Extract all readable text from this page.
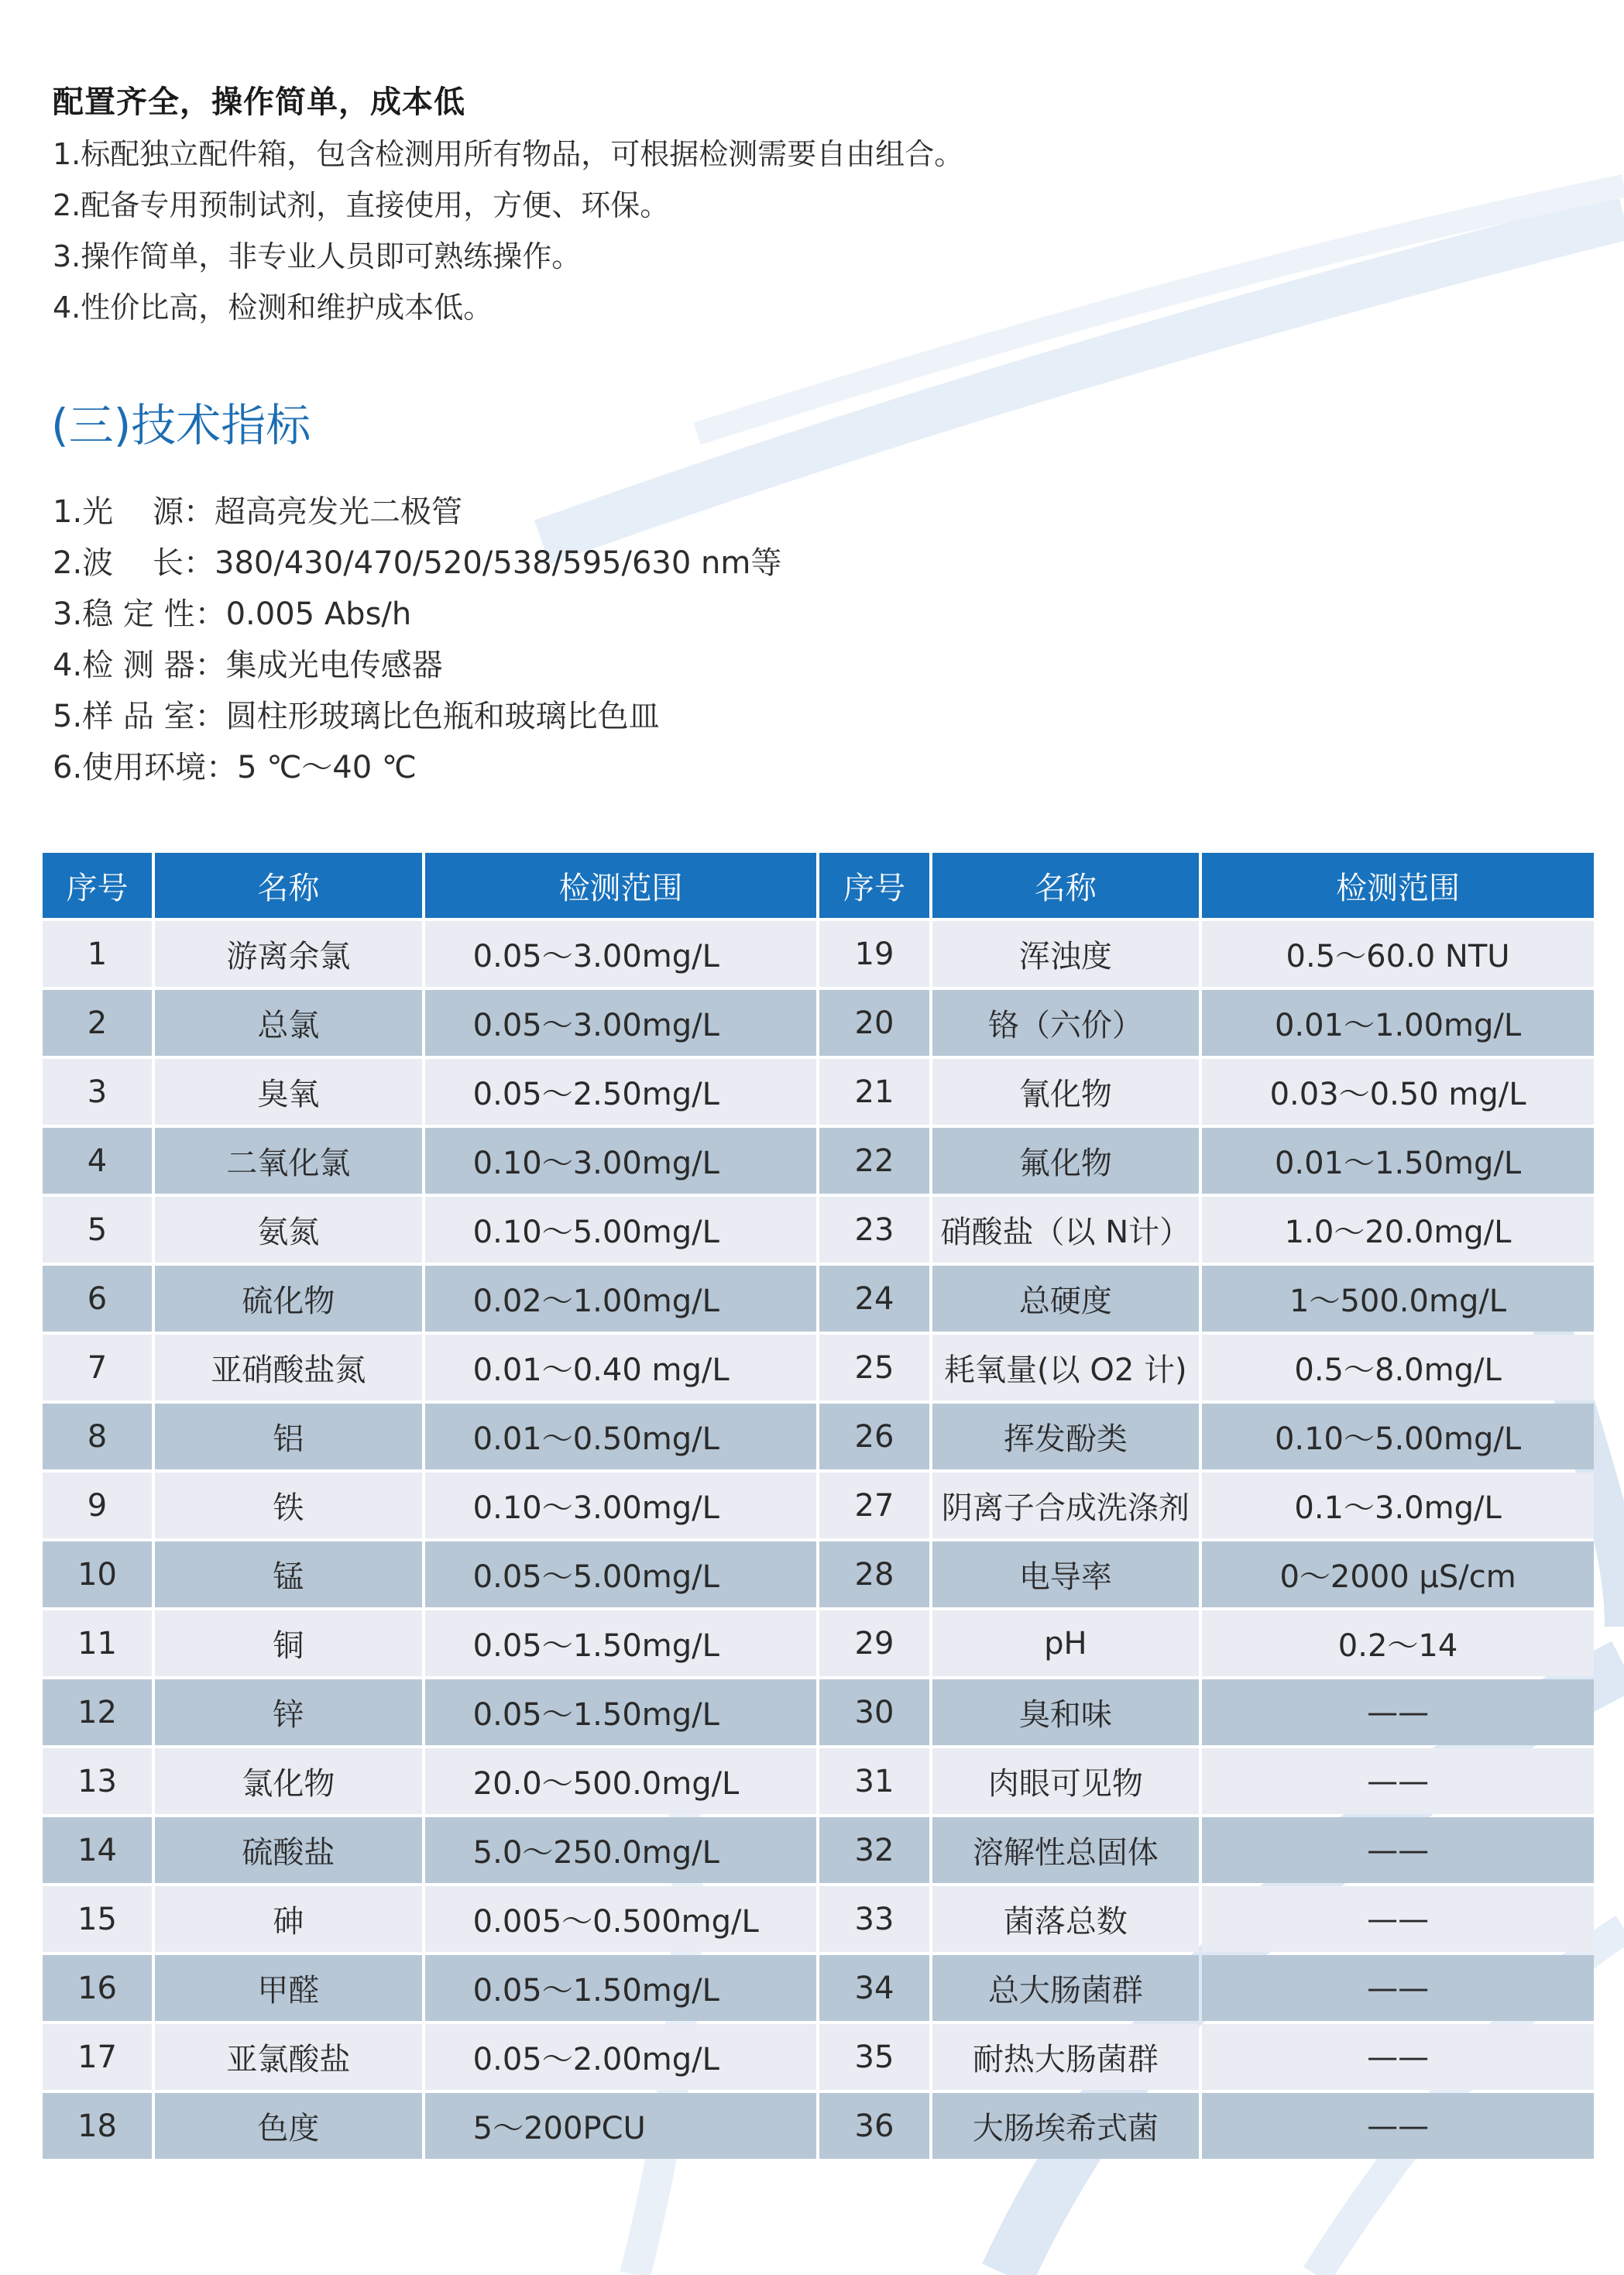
配置齐全，操作简单，成本低
1.标配独立配件箱，包含检测用所有物品，可根据检测需要自由组合。
2.配备专用预制试剂，直接使用，方便、环保。
3.操作简单，非专业人员即可熟练操作。
4.性价比高，检测和维护成本低。
(三)技术指标
1.光    源：超高亮发光二极管
2.波    长：380/430/470/520/538/595/630 nm等
3.稳 定 性：0.005 Abs/h
4.检 测 器：集成光电传感器
5.样 品 室：圆柱形玻璃比色瓶和玻璃比色皿
6.使用环境：5 ℃～40 ℃
序号	名称	检测范围	序号	名称	检测范围
1	游离余氯	0.05～3.00mg/L	19	浑浊度	0.5～60.0 NTU
2	总氯	0.05～3.00mg/L	20	铬（六价）	0.01～1.00mg/L
3	臭氧	0.05～2.50mg/L	21	氰化物	0.03～0.50 mg/L
4	二氧化氯	0.10～3.00mg/L	22	氟化物	0.01～1.50mg/L
5	氨氮	0.10～5.00mg/L	23	硝酸盐（以 N计）	1.0～20.0mg/L
6	硫化物	0.02～1.00mg/L	24	总硬度	1～500.0mg/L
7	亚硝酸盐氮	0.01～0.40 mg/L	25	耗氧量(以 O2 计)	0.5～8.0mg/L
8	铝	0.01～0.50mg/L	26	挥发酚类	0.10～5.00mg/L
9	铁	0.10～3.00mg/L	27	阴离子合成洗涤剂	0.1～3.0mg/L
10	锰	0.05～5.00mg/L	28	电导率	0～2000 μS/cm
11	铜	0.05～1.50mg/L	29	pH	0.2～14
12	锌	0.05～1.50mg/L	30	臭和味	——
13	氯化物	20.0～500.0mg/L	31	肉眼可见物	——
14	硫酸盐	5.0～250.0mg/L	32	溶解性总固体	——
15	砷	0.005～0.500mg/L	33	菌落总数	——
16	甲醛	0.05～1.50mg/L	34	总大肠菌群	——
17	亚氯酸盐	0.05～2.00mg/L	35	耐热大肠菌群	——
18	色度	5～200PCU	36	大肠埃希式菌	——
